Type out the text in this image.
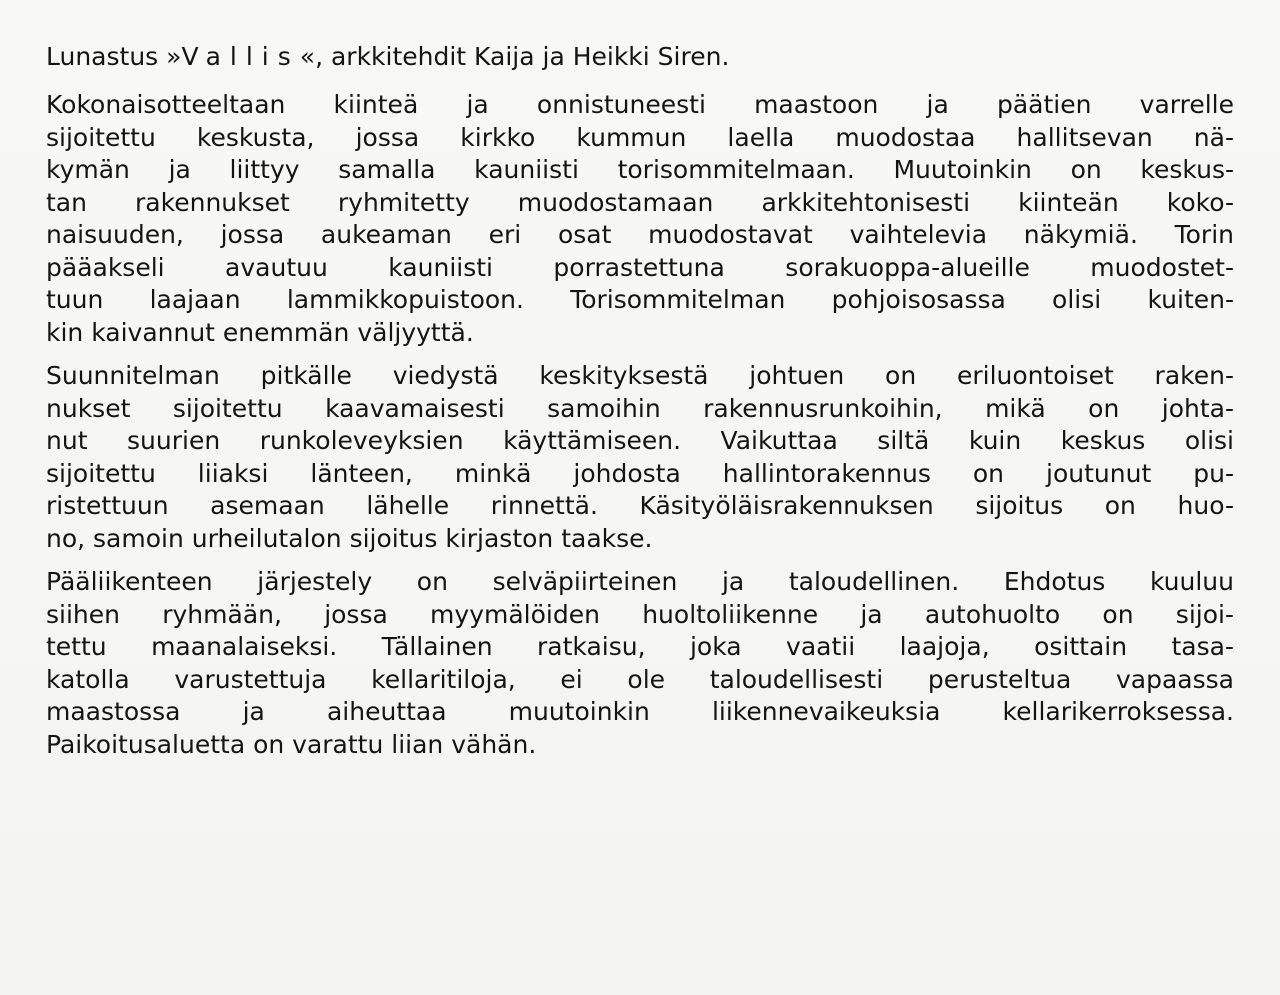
Lunastus »Vallis«, arkkitehdit Kaija ja Heikki Siren.
Kokonaisotteeltaan kiinteä ja onnistuneesti maastoon ja päätien varrelle
sijoitettu keskusta, jossa kirkko kummun laella muodostaa hallitsevan nä-
kymän ja liittyy samalla kauniisti torisommitelmaan. Muutoinkin on keskus-
tan rakennukset ryhmitetty muodostamaan arkkitehtonisesti kiinteän koko-
naisuuden, jossa aukeaman eri osat muodostavat vaihtelevia näkymiä. Torin
pääakseli avautuu kauniisti porrastettuna sorakuoppa-alueille muodostet-
tuun laajaan lammikkopuistoon. Torisommitelman pohjoisosassa olisi kuiten-
kin kaivannut enemmän väljyyttä.
Suunnitelman pitkälle viedystä keskityksestä johtuen on eriluontoiset raken-
nukset sijoitettu kaavamaisesti samoihin rakennusrunkoihin, mikä on johta-
nut suurien runkoleveyksien käyttämiseen. Vaikuttaa siltä kuin keskus olisi
sijoitettu liiaksi länteen, minkä johdosta hallintorakennus on joutunut pu-
ristettuun asemaan lähelle rinnettä. Käsityöläisrakennuksen sijoitus on huo-
no, samoin urheilutalon sijoitus kirjaston taakse.
Pääliikenteen järjestely on selväpiirteinen ja taloudellinen. Ehdotus kuuluu
siihen ryhmään, jossa myymälöiden huoltoliikenne ja autohuolto on sijoi-
tettu maanalaiseksi. Tällainen ratkaisu, joka vaatii laajoja, osittain tasa-
katolla varustettuja kellaritiloja, ei ole taloudellisesti perusteltua vapaassa
maastossa ja aiheuttaa muutoinkin liikennevaikeuksia kellarikerroksessa.
Paikoitusaluetta on varattu liian vähän.
